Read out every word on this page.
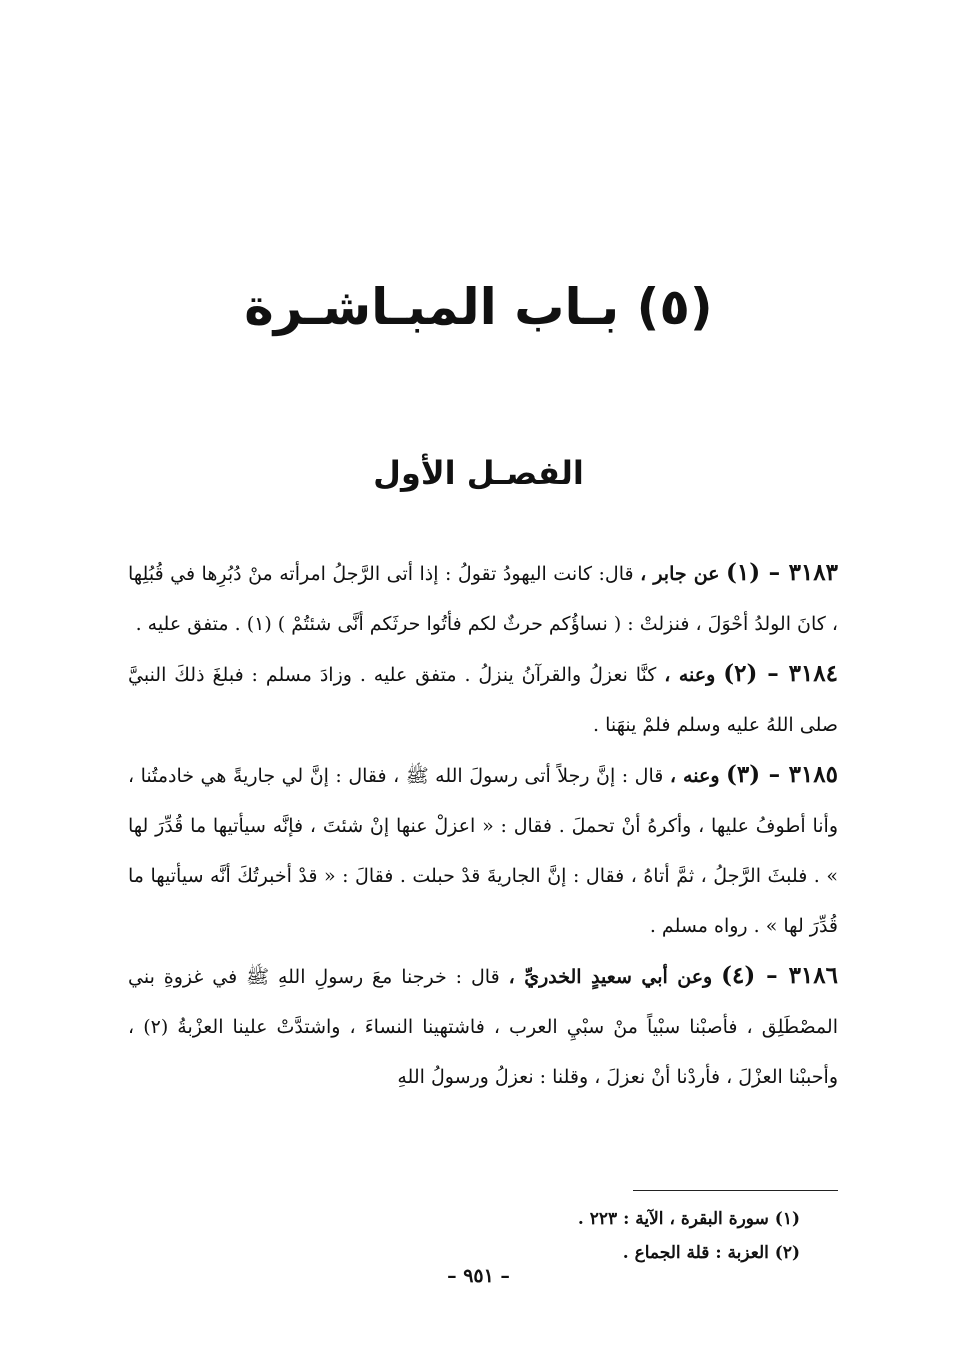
(٥) بـاب المبـاشـرة
الفصـل الأول

٣١٨٣ – (١) عن جابر ، قال: كانت اليهودُ تقولُ : إذا أتى الرَّجلُ امرأته منْ دُبُرِها في قُبُلِها ، كانَ الولدُ أحْوَلَ ، فنزلتْ : ( نساؤُكم حرثٌ لكم فأتُوا حرثَكم أنَّى شئتُمْ ) (١) . متفق عليه .

٣١٨٤ – (٢) وعنه ، كنَّا نعزلُ والقرآنُ ينزلُ . متفق عليه . وزادَ مسلم : فبلغَ ذلكَ النبيَّ صلى اللهُ عليه وسلم فلمْ ينهَنا .

٣١٨٥ – (٣) وعنه ، قال : إنَّ رجلاً أتى رسولَ الله ﷺ ، فقال : إنَّ لي جاريةً هي خادمتُنا ، وأنا أطوفُ عليها ، وأكرهُ أنْ تحملَ . فقال : « اعزلْ عنها إنْ شئتَ ، فإنَّه سيأتيها ما قُدِّرَ لها » . فلبثَ الرَّجلُ ، ثمَّ أتاهُ ، فقال : إنَّ الجاريةَ قدْ حبلت . فقالَ : « قدْ أخبرتُكَ أنَّه سيأتيها ما قُدِّرَ لها » . رواه مسلم .

٣١٨٦ – (٤) وعن أبي سعيدٍ الخدريِّ ، قال : خرجنا معَ رسولِ اللهِ ﷺ في غزوةِ بني المصْطَلِق ، فأصبْنا سبْياً منْ سبْيِ العرب ، فاشتهينا النساءَ ، واشتدَّتْ علينا العزْبةُ (٢) ، وأحببْنا العزْلَ ، فأردْنا أنْ نعزلَ ، وقلنا : نعزلُ ورسولُ اللهِ

(١) سورة البقرة ، الآية : ٢٢٣ .

(٢) العزبة : قلة الجماع .

– ٩٥١ –
